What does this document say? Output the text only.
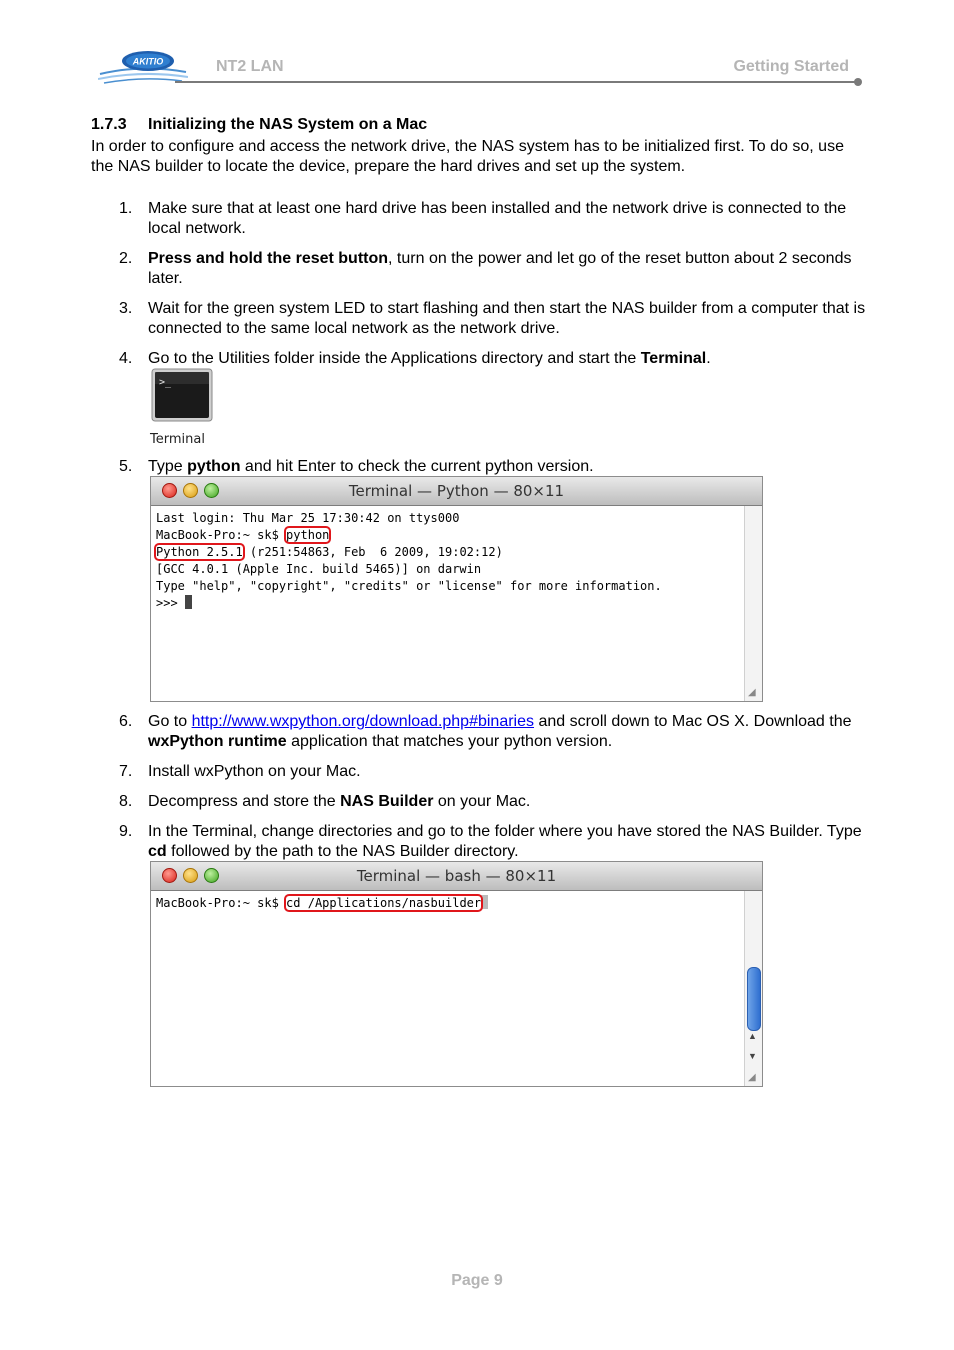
AKITIO	NT2 LAN	Getting Started
1.7.3 Initializing the NAS System on a Mac
In order to configure and access the network drive, the NAS system has to be initialized first. To do so, use the NAS builder to locate the device, prepare the hard drives and set up the system.
1. Make sure that at least one hard drive has been installed and the network drive is connected to the local network.
2. Press and hold the reset button, turn on the power and let go of the reset button about 2 seconds later.
3. Wait for the green system LED to start flashing and then start the NAS builder from a computer that is connected to the same local network as the network drive.
4. Go to the Utilities folder inside the Applications directory and start the Terminal.
5. Type python and hit Enter to check the current python version.
6. Go to http://www.wxpython.org/download.php#binaries and scroll down to Mac OS X. Download the wxPython runtime application that matches your python version.
7. Install wxPython on your Mac.
8. Decompress and store the NAS Builder on your Mac.
9. In the Terminal, change directories and go to the folder where you have stored the NAS Builder. Type cd followed by the path to the NAS Builder directory.
>_
Terminal
Terminal — Python — 80×11
Last login: Thu Mar 25 17:30:42 on ttys000
MacBook-Pro:~ sk$ python
Python 2.5.1 (r251:54863, Feb  6 2009, 19:02:12)
[GCC 4.0.1 (Apple Inc. build 5465)] on darwin
Type "help", "copyright", "credits" or "license" for more information.
>>>
◢
Terminal — bash — 80×11
MacBook-Pro:~ sk$ cd /Applications/nasbuilder
▲
▼
◢
Page 9
